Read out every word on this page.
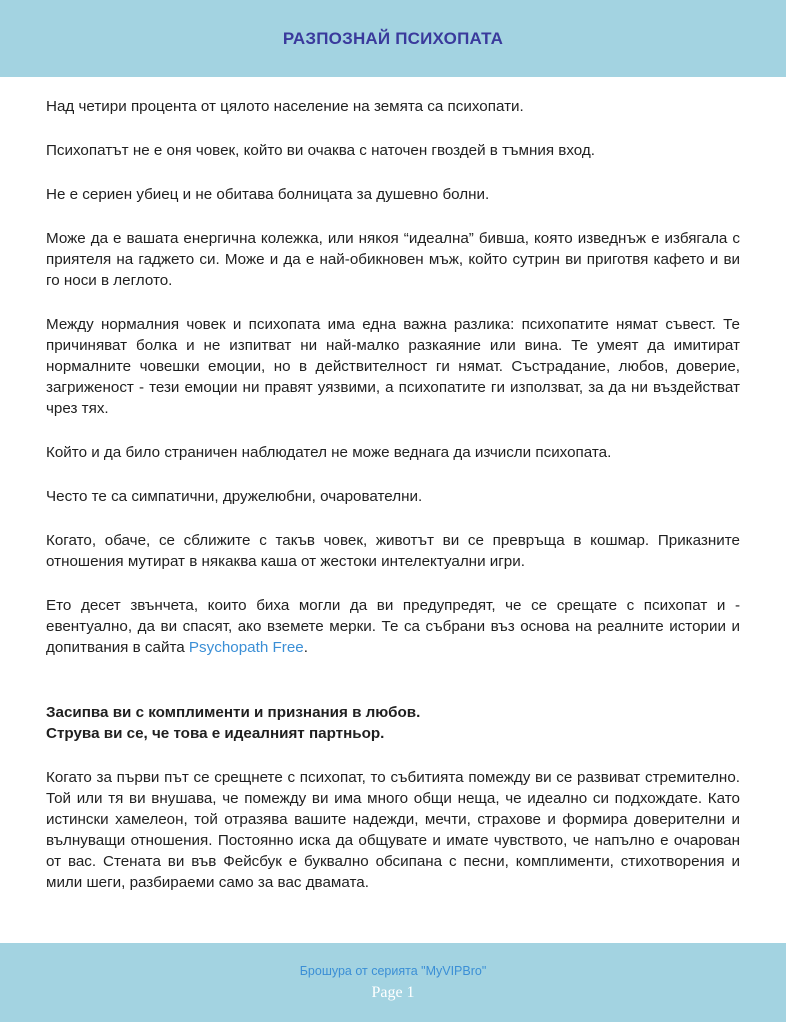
РАЗПОЗНАЙ ПСИХОПАТА

Над четири процента от цялото население на земята са психопати.

Психопатът не е оня човек, който ви очаква с наточен гвоздей в тъмния вход.

Не е сериен убиец и не обитава болницата за душевно болни.

Може да е вашата енергична колежка, или някоя “идеална” бивша, която изведнъж е избягала с приятеля на гаджето си. Може и да е най-обикновен мъж, който сутрин ви приготвя кафето и ви го носи в леглото.

Между нормалния човек и психопата има една важна разлика: психопатите нямат съвест. Те причиняват болка и не изпитват ни най-малко разкаяние или вина. Те умеят да имитират нормалните човешки емоции, но в действителност ги нямат. Състрадание, любов, доверие, загриженост - тези емоции ни правят уязвими, а психопатите ги използват, за да ни въздействат чрез тях.

Който и да било страничен наблюдател не може веднага да изчисли психопата.

Често те са симпатични, дружелюбни, очарователни.

Когато, обаче, се сближите с такъв човек, животът ви се превръща в кошмар. Приказните отношения мутират в някаква каша от жестоки интелектуални игри.

Ето десет звънчета, които биха могли да ви предупредят, че се срещате с психопат и - евентуално, да ви спасят, ако вземете мерки. Те са събрани въз основа на реалните истории и допитвания в сайта Psychopath Free.

Засипва ви с комплименти и признания в любов.
Струва ви се, че това е идеалният партньор.

Когато за първи път се срещнете с психопат, то събитията помежду ви се развиват стремително. Той или тя ви внушава, че помежду ви има много общи неща, че идеално си подхождате. Като истински хамелеон, той отразява вашите надежди, мечти, страхове и формира доверителни и вълнуващи отношения. Постоянно иска да общувате и имате чувството, че напълно е очарован от вас. Стената ви във Фейсбук е буквално обсипана с песни, комплименти, стихотворения и мили шеги, разбираеми само за вас двамата.

Брошура от серията "MyVIPBro"
Page 1
